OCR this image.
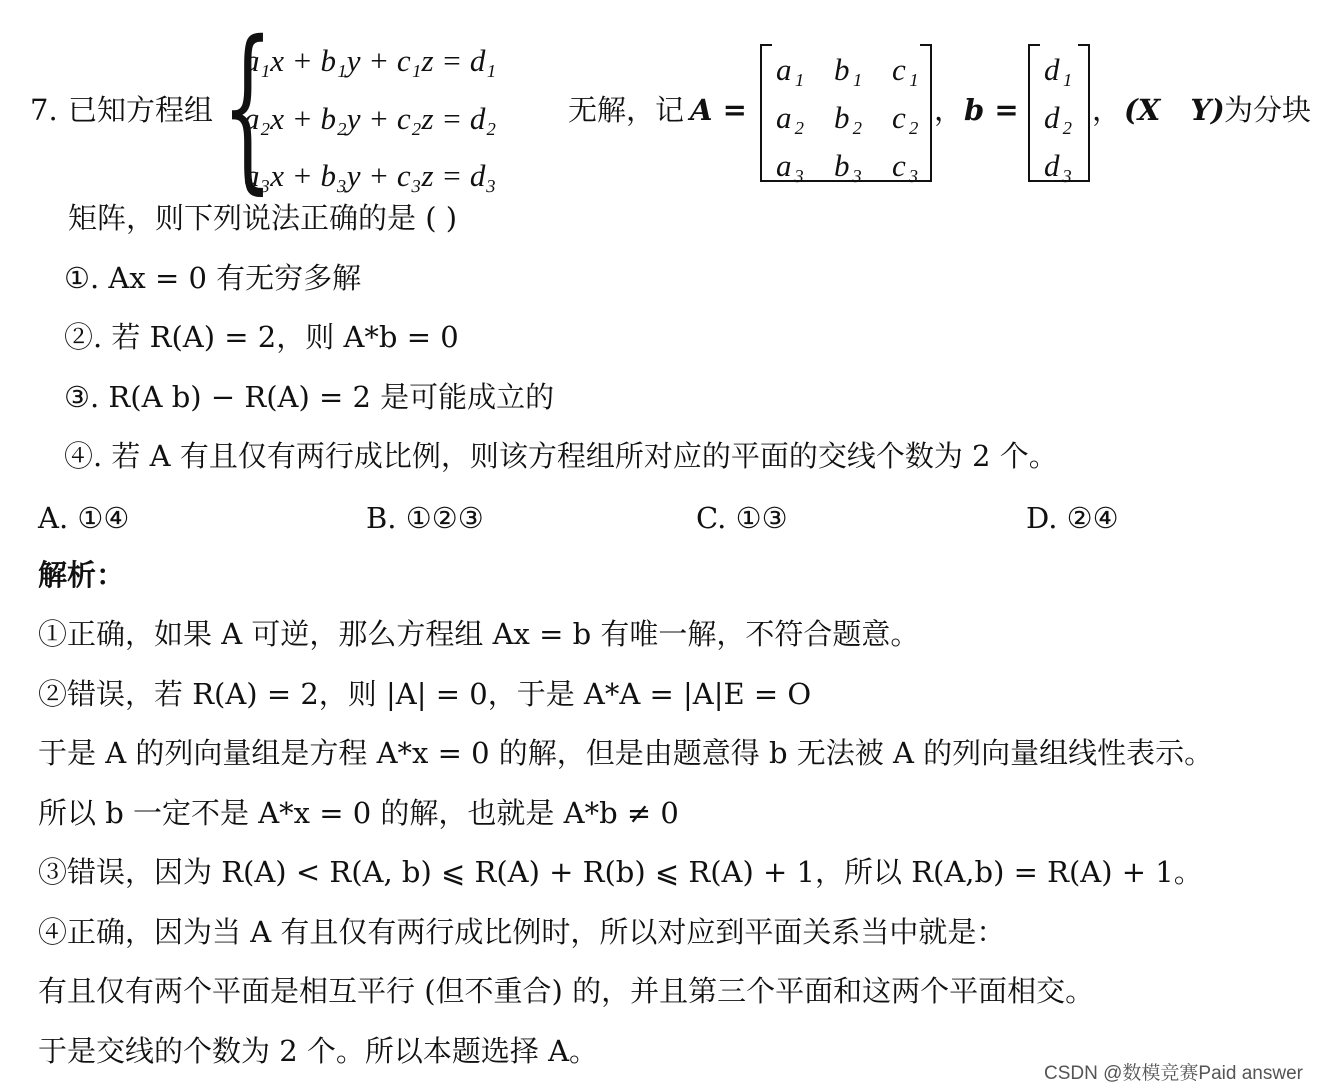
7. 已知方程组 {
a₁x + b₁y + c₁z = d₁
a₂x + b₂y + c₂z = d₂
a₃x + b₃y + c₃z = d₃
无解，记 A =
a₁ b₁ c₁
a₂ b₂ c₂
a₃ b₃ c₃
， b =
d₁
d₂
d₃
， (X Y) 为分块
矩阵，则下列说法正确的是 ( )
①. Ax = 0 有无穷多解
②. 若 R(A) = 2，则 A*b = 0
③. R(A b) − R(A) = 2 是可能成立的
④. 若 A 有且仅有两行成比例，则该方程组所对应的平面的交线个数为 2 个。
A. ①④	B. ①②③	C. ①③	D. ②④
解析：
①正确，如果 A 可逆，那么方程组 Ax = b 有唯一解，不符合题意。
②错误，若 R(A) = 2，则 |A| = 0，于是 A*A = |A|E = O
于是 A 的列向量组是方程 A*x = 0 的解，但是由题意得 b 无法被 A 的列向量组线性表示。
所以 b 一定不是 A*x = 0 的解，也就是 A*b ≠ 0
③错误，因为 R(A) < R(A, b) ⩽ R(A) + R(b) ⩽ R(A) + 1，所以 R(A,b) = R(A) + 1。
④正确，因为当 A 有且仅有两行成比例时，所以对应到平面关系当中就是：
有且仅有两个平面是相互平行 (但不重合) 的，并且第三个平面和这两个平面相交。
于是交线的个数为 2 个。所以本题选择 A。
CSDN @数模竞赛Paid answer
